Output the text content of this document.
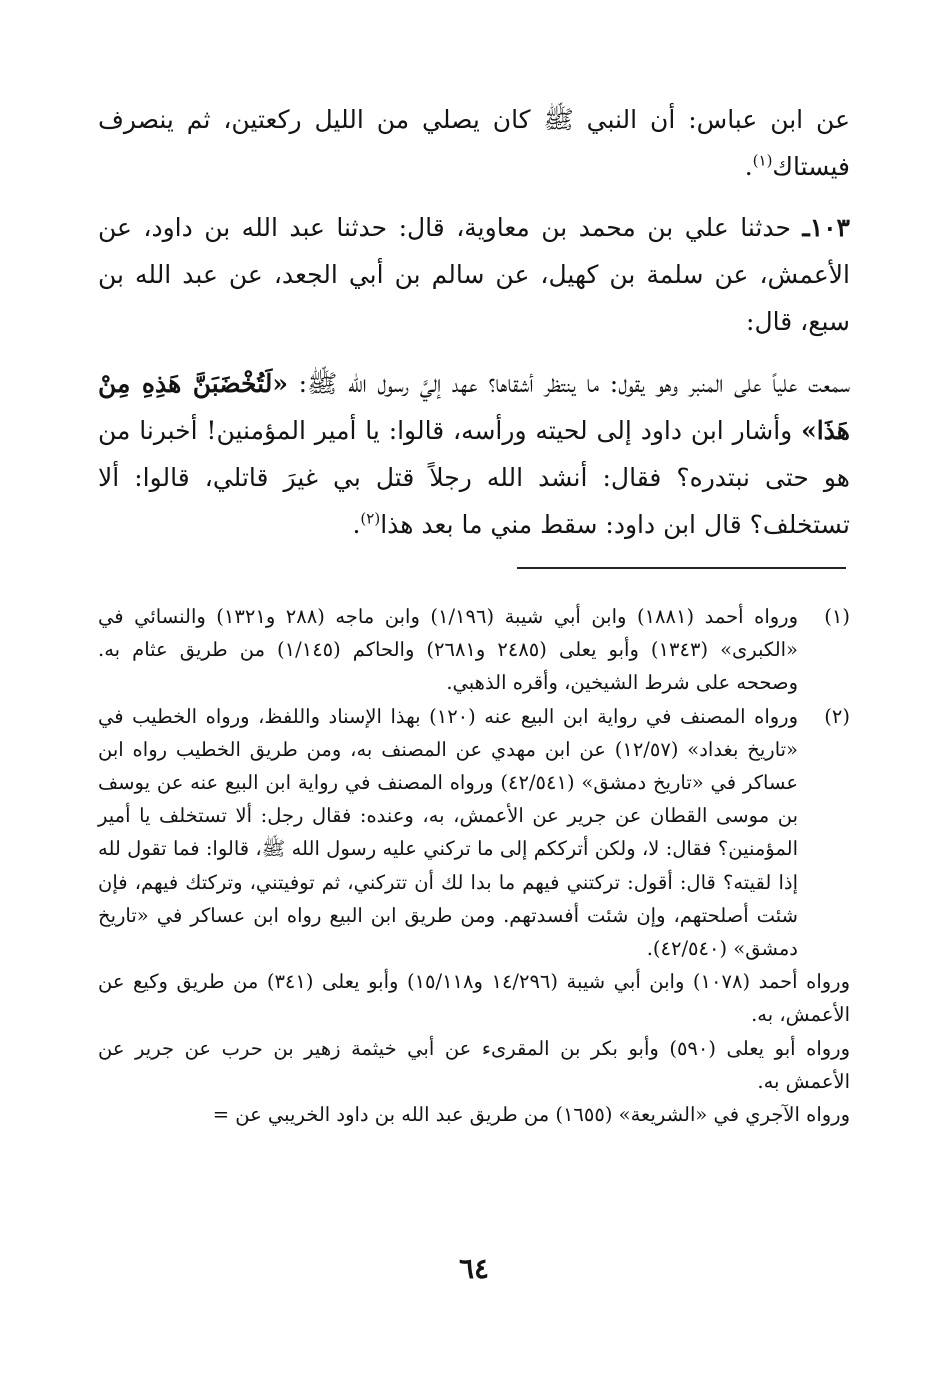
عن ابن عباس: أن النبي ﷺ كان يصلي من الليل ركعتين، ثم ينصرف فيستاك$^{(١)}$.

١٠٣ـ حدثنا علي بن محمد بن معاوية، قال: حدثنا عبد الله بن داود، عن الأعمش، عن سلمة بن كهيل، عن سالم بن أبي الجعد، عن عبد الله بن سبع، قال:

سمعت علياً على المنبر وهو يقول: ما ينتظر أشقاها؟ عهد إليَّ رسول الله ﷺ: «لَتُخْضَبَنَّ هَذِهِ مِنْ هَذَا» وأشار ابن داود إلى لحيته ورأسه، قالوا: يا أمير المؤمنين! أخبرنا من هو حتى نبتدره؟ فقال: أنشد الله رجلاً قتل بي غيرَ قاتلي، قالوا: ألا تستخلف؟ قال ابن داود: سقط مني ما بعد هذا$^{(٢)}$.

(١)

ورواه أحمد (١٨٨١) وابن أبي شيبة (١/١٩٦) وابن ماجه (٢٨٨ و١٣٢١) والنسائي في «الكبرى» (١٣٤٣) وأبو يعلى (٢٤٨٥ و٢٦٨١) والحاكم (١/١٤٥) من طريق عثام به. وصححه على شرط الشيخين، وأقره الذهبي.

(٢)

ورواه المصنف في رواية ابن البيع عنه (١٢٠) بهذا الإسناد واللفظ، ورواه الخطيب في «تاريخ بغداد» (١٢/٥٧) عن ابن مهدي عن المصنف به، ومن طريق الخطيب رواه ابن عساكر في «تاريخ دمشق» (٤٢/٥٤١) ورواه المصنف في رواية ابن البيع عنه عن يوسف بن موسى القطان عن جرير عن الأعمش، به، وعنده: فقال رجل: ألا تستخلف يا أمير المؤمنين؟ فقال: لا، ولكن أترككم إلى ما تركني عليه رسول الله ﷺ، قالوا: فما تقول لله إذا لقيته؟ قال: أقول: تركتني فيهم ما بدا لك أن تتركني، ثم توفيتني، وتركتك فيهم، فإن شئت أصلحتهم، وإن شئت أفسدتهم. ومن طريق ابن البيع رواه ابن عساكر في «تاريخ دمشق» (٤٢/٥٤٠).

ورواه أحمد (١٠٧٨) وابن أبي شيبة (١٤/٢٩٦ و١٥/١١٨) وأبو يعلى (٣٤١) من طريق وكيع عن الأعمش، به.

ورواه أبو يعلى (٥٩٠) وأبو بكر بن المقرىء عن أبي خيثمة زهير بن حرب عن جرير عن الأعمش به.

ورواه الآجري في «الشريعة» (١٦٥٥) من طريق عبد الله بن داود الخريبي عن =

٦٤
